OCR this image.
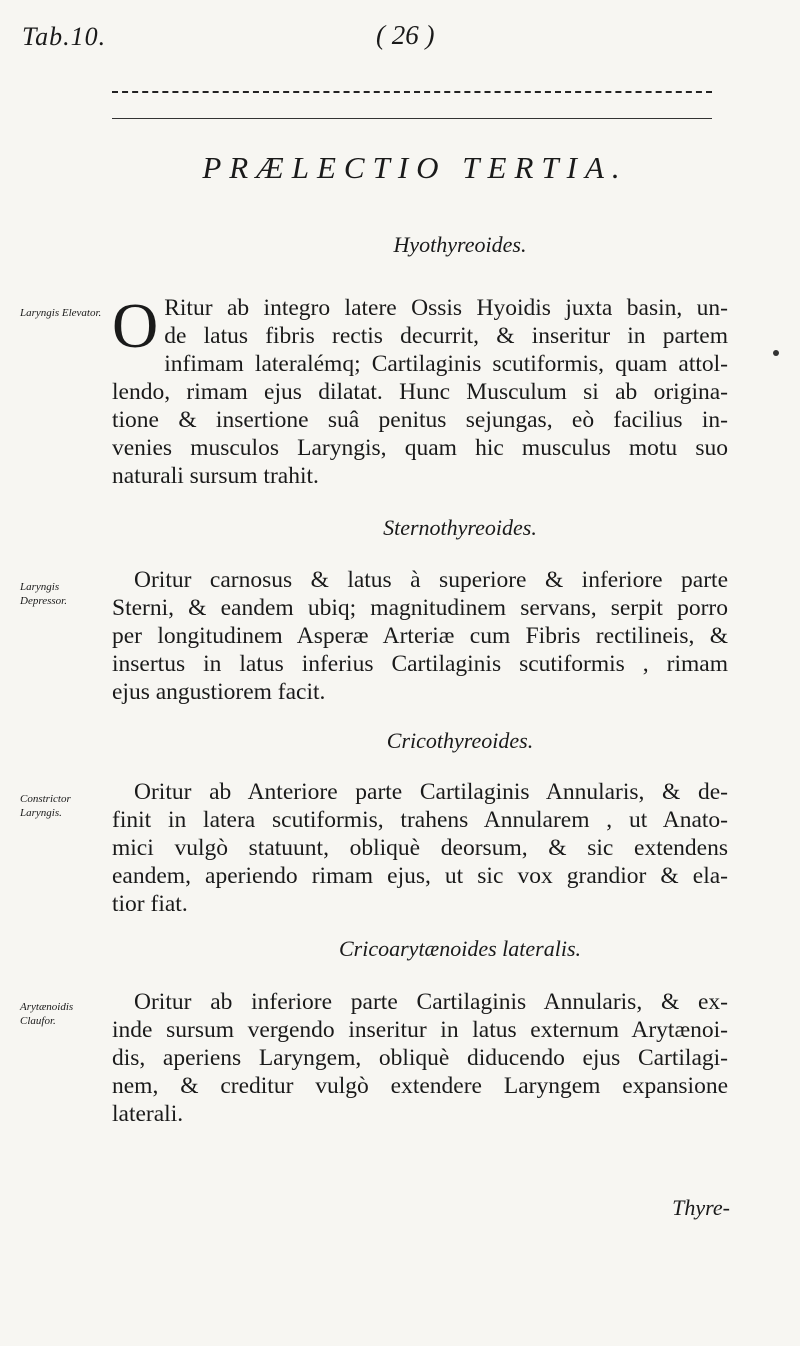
Tab.10.	( 26 )
PRÆLECTIO TERTIA.
Hyothyreoides.
Laryngis Elevator. O Ritur ab integro latere Ossis Hyoidis juxta basin, un-
de latus fibris rectis decurrit, & inseritur in partem
infimam lateralémq; Cartilaginis scutiformis, quam attol-
lendo, rimam ejus dilatat. Hunc Musculum si ab origina-
tione & insertione suâ penitus sejungas, eò facilius in-
venies musculos Laryngis, quam hic musculus motu suo
naturali sursum trahit.
Sternothyreoides.
Laryngis Depressor.
Oritur carnosus & latus à superiore & inferiore parte
Sterni, & eandem ubiq; magnitudinem servans, serpit porro
per longitudinem Asperæ Arteriæ cum Fibris rectilineis, &
insertus in latus inferius Cartilaginis scutiformis , rimam
ejus angustiorem facit.
Cricothyreoides.
Constrictor Laryngis.
Oritur ab Anteriore parte Cartilaginis Annularis, & de-
finit in latera scutiformis, trahens Annularem , ut Anato-
mici vulgò statuunt, obliquè deorsum, & sic extendens
eandem, aperiendo rimam ejus, ut sic vox grandior & ela-
tior fiat.
Cricoarytænoides lateralis.
Arytænoidis Claufor.
Oritur ab inferiore parte Cartilaginis Annularis, & ex-
inde sursum vergendo inseritur in latus externum Arytænoi-
dis, aperiens Laryngem, obliquè diducendo ejus Cartilagi-
nem, & creditur vulgò extendere Laryngem expansione
laterali.
Thyre-
